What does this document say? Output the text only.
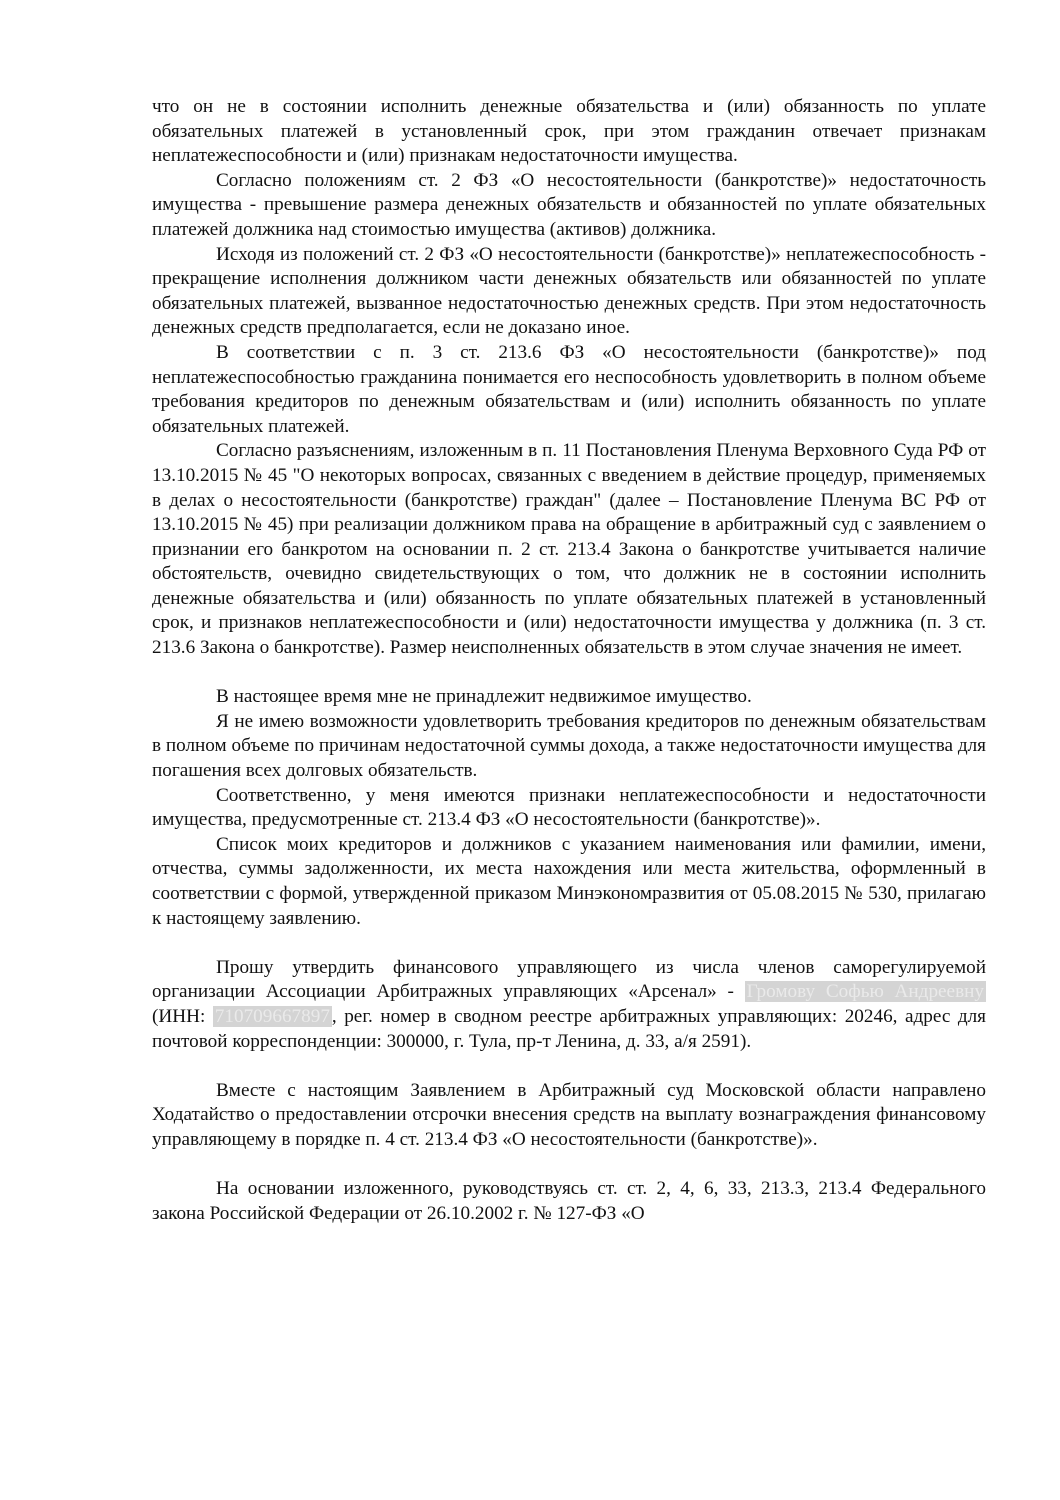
что он не в состоянии исполнить денежные обязательства и (или) обязанность по уплате обязательных платежей в установленный срок, при этом гражданин отвечает признакам неплатежеспособности и (или) признакам недостаточности имущества.

Согласно положениям ст. 2 ФЗ «О несостоятельности (банкротстве)» недостаточность имущества - превышение размера денежных обязательств и обязанностей по уплате обязательных платежей должника над стоимостью имущества (активов) должника.

Исходя из положений ст. 2 ФЗ «О несостоятельности (банкротстве)» неплатежеспособность - прекращение исполнения должником части денежных обязательств или обязанностей по уплате обязательных платежей, вызванное недостаточностью денежных средств. При этом недостаточность денежных средств предполагается, если не доказано иное.

В соответствии с п. 3 ст. 213.6 ФЗ «О несостоятельности (банкротстве)» под неплатежеспособностью гражданина понимается его неспособность удовлетворить в полном объеме требования кредиторов по денежным обязательствам и (или) исполнить обязанность по уплате обязательных платежей.

Согласно разъяснениям, изложенным в п. 11 Постановления Пленума Верховного Суда РФ от 13.10.2015 № 45 "О некоторых вопросах, связанных с введением в действие процедур, применяемых в делах о несостоятельности (банкротстве) граждан" (далее – Постановление Пленума ВС РФ от 13.10.2015 № 45) при реализации должником права на обращение в арбитражный суд с заявлением о признании его банкротом на основании п. 2 ст. 213.4 Закона о банкротстве учитывается наличие обстоятельств, очевидно свидетельствующих о том, что должник не в состоянии исполнить денежные обязательства и (или) обязанность по уплате обязательных платежей в установленный срок, и признаков неплатежеспособности и (или) недостаточности имущества у должника (п. 3 ст. 213.6 Закона о банкротстве). Размер неисполненных обязательств в этом случае значения не имеет.

В настоящее время мне не принадлежит недвижимое имущество.

Я не имею возможности удовлетворить требования кредиторов по денежным обязательствам в полном объеме по причинам недостаточной суммы дохода, а также недостаточности имущества для погашения всех долговых обязательств.

Соответственно, у меня имеются признаки неплатежеспособности и недостаточности имущества, предусмотренные ст. 213.4 ФЗ «О несостоятельности (банкротстве)».

Список моих кредиторов и должников с указанием наименования или фамилии, имени, отчества, суммы задолженности, их места нахождения или места жительства, оформленный в соответствии с формой, утвержденной приказом Минэкономразвития от 05.08.2015 № 530, прилагаю к настоящему заявлению.

Прошу утвердить финансового управляющего из числа членов саморегулируемой организации Ассоциации Арбитражных управляющих «Арсенал» - Громову Софью Андреевну (ИНН: 710709667897 , рег. номер в сводном реестре арбитражных управляющих: 20246, адрес для почтовой корреспонденции: 300000, г. Тула, пр-т Ленина, д. 33, а/я 2591).

Вместе с настоящим Заявлением в Арбитражный суд Московской области направлено Ходатайство о предоставлении отсрочки внесения средств на выплату вознаграждения финансовому управляющему в порядке п. 4 ст. 213.4 ФЗ «О несостоятельности (банкротстве)».

На основании изложенного, руководствуясь ст. ст. 2, 4, 6, 33, 213.3, 213.4 Федерального закона Российской Федерации от 26.10.2002 г. № 127-ФЗ «О
